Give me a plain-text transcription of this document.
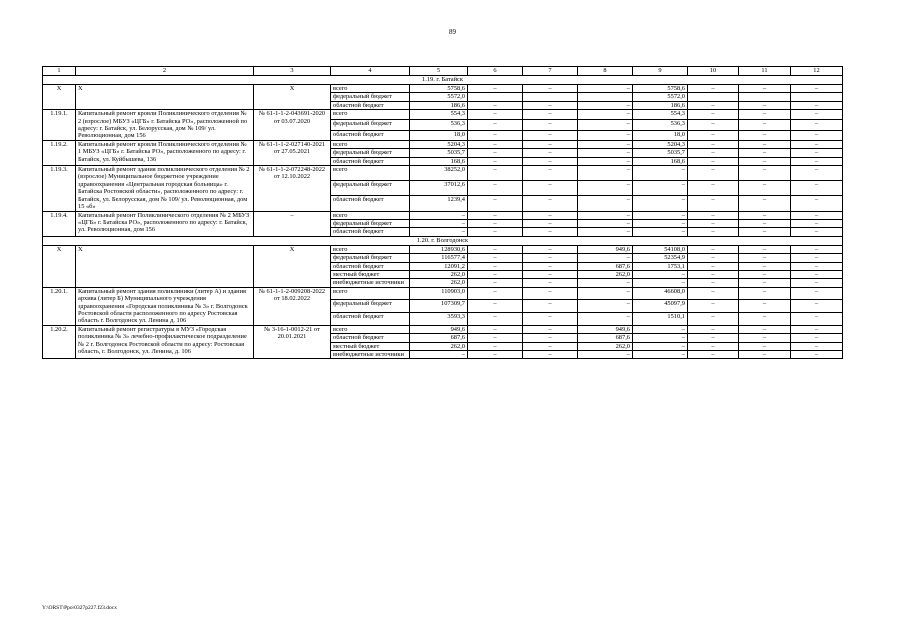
89
1	2	3	4	5	6	7	8	9	10	11	12
1.19. г. Батайск											
Х	Х	Х	всего	5758,6	–	–	–	5758,6	–	–	–
			федеральный бюджет	5572,0				5572,0			
			областной бюджет	186,6	–	–	–	186,6	–	–	–
1.19.1.	Капитальный ремонт кровли Поликлинического отделения № 2 (взрослое) МБУЗ «ЦГБ» г. Батайска РО», расположенной по адресу: г. Батайск, ул. Белорусская, дом № 109/ ул. Революционная, дом 156	№ 61-1-1-2-043691-2020 от 03.07.2020	всего	554,3	–	–	–	554,3	–	–	–
			федеральный бюджет	536,3	–	–	–	536,3	–	–	–
			областной бюджет	18,0	–	–	–	18,0	–	–	–
1.19.2.	Капитальный ремонт кровли Поликлинического отделения № 1 МБУЗ «ЦГБ» г. Батайска РО», расположенного по адресу: г. Батайск, ул. Куйбышева, 136	№ 61-1-1-2-027140-2021 от 27.05.2021	всего	5204,3	–	–	–	5204,3	–	–	–
			федеральный бюджет	5035,7	–	–	–	5035,7	–	–	–
			областной бюджет	168,6	–	–	–	168,6	–	–	–
1.19.3.	Капитальный ремонт здания поликлинического отделения № 2 (взрослое) Муниципальное бюджетное учреждение здравоохранения «Центральная городская больница» г. Батайска Ростовской области», расположенного по адресу: г. Батайск, ул. Белорусская, дом № 109/ ул. Революционная, дом 15 «б»	№ 61-1-1-2-072248-2022 от 12.10.2022	всего	38252,0	–	–	–	–	–	–	–
			федеральный бюджет	37012,6	–	–	–	–	–	–	–
			областной бюджет	1239,4	–	–	–	–	–	–	–
1.19.4.	Капитальный ремонт Поликлинического отделения № 2 МБУЗ «ЦГБ» г. Батайска РО», расположенного по адресу: г. Батайск, ул. Революционная, дом 156	–	всего	–	–	–	–	–	–	–	–
			федеральный бюджет	–	–	–	–	–	–	–	–
			областной бюджет	–	–	–	–	–	–	–	–
1.20. г. Волгодонск											
Х	Х	Х	всего	128930,6	–	–	949,6	54108,0	–	–	–
			федеральный бюджет	116577,4	–	–	–	52354,9	–	–	–
			областной бюджет	12091,2	–	–	687,6	1753,1	–	–	–
			местный бюджет	262,0	–	–	262,0	–	–	–	–
			внебюджетные источники	262,0	–	–	–	–	–	–	–
1.20.1.	Капитальный ремонт здания поликлиники (литер А) и здания архива (литер Б) Муниципального учреждения здравоохранения «Городская поликлиника № 3» г. Волгодонск Ростовской области расположенного по адресу Ростовская область г. Волгодонск ул. Ленина д. 106	№ 61-1-1-2-009208-2022 от 18.02.2022	всего	110903,0	–	–	–	46608,0	–	–	–
			федеральный бюджет	107309,7	–	–	–	45097,9	–	–	–
			областной бюджет	3593,3	–	–	–	1510,1	–	–	–
1.20.2.	Капитальный ремонт регистратуры в МУЗ «Городская поликлиника № 3» лечебно-профилактическое подразделение № 2 г. Волгодонск Ростовской области по адресу: Ростовская область, г. Волгодонск, ул. Ленина, д. 106	№ 3-16-1-0012-21 от 20.01.2021	всего	949,6	–	–	949,6	–	–	–	–
			областной бюджет	687,6	–	–	687,6	–	–	–	–
			местный бюджет	262,0	–	–	262,0	–	–	–	–
			внебюджетные источники	–	–	–	–	–	–	–	–
Y:\ORST\Ppo\0327p227.f23.docx
